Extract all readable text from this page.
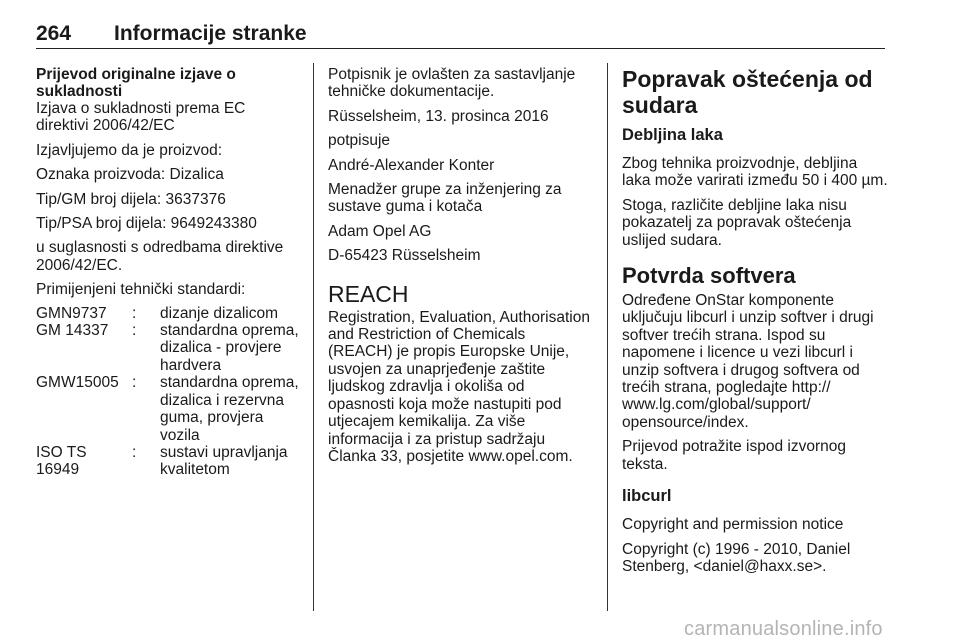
264 Informacije stranke
Prijevod originalne izjave o sukladnosti
Izjava o sukladnosti prema EC direktivi 2006/42/EC
Izjavljujemo da je proizvod:
Oznaka proizvoda: Dizalica
Tip/GM broj dijela: 3637376
Tip/PSA broj dijela: 9649243380
u suglasnosti s odredbama direktive 2006/42/EC.
Primijenjeni tehnički standardi:
GMN9737	:	dizanje dizalicom
GM 14337	:	standardna oprema, dizalica - provjere hardvera
GMW15005	:	standardna oprema, dizalica i rezervna guma, provjera vozila
ISO TS 16949	:	sustavi upravljanja kvalitetom
Potpisnik je ovlašten za sastavljanje tehničke dokumentacije.
Rüsselsheim, 13. prosinca 2016
potpisuje
André-Alexander Konter
Menadžer grupe za inženjering za sustave guma i kotača
Adam Opel AG
D-65423 Rüsselsheim
REACH
Registration, Evaluation, Authorisation and Restriction of Chemicals (REACH) je propis Europske Unije, usvojen za unaprjeđenje zaštite ljudskog zdravlja i okoliša od opasnosti koja može nastupiti pod utjecajem kemikalija. Za više informacija i za pristup sadržaju Članka 33, posjetite www.opel.com.
Popravak oštećenja od sudara
Debljina laka
Zbog tehnika proizvodnje, debljina laka može varirati između 50 i 400 µm.
Stoga, različite debljine laka nisu pokazatelj za popravak oštećenja uslijed sudara.
Potvrda softvera
Određene OnStar komponente uključuju libcurl i unzip softver i drugi softver trećih strana. Ispod su napomene i licence u vezi libcurl i unzip softvera i drugog softvera od trećih strana, pogledajte http:// www.lg.com/global/support/ opensource/index.
Prijevod potražite ispod izvornog teksta.
libcurl
Copyright and permission notice
Copyright (c) 1996 - 2010, Daniel Stenberg, <daniel@haxx.se>.
carmanualsonline.info
